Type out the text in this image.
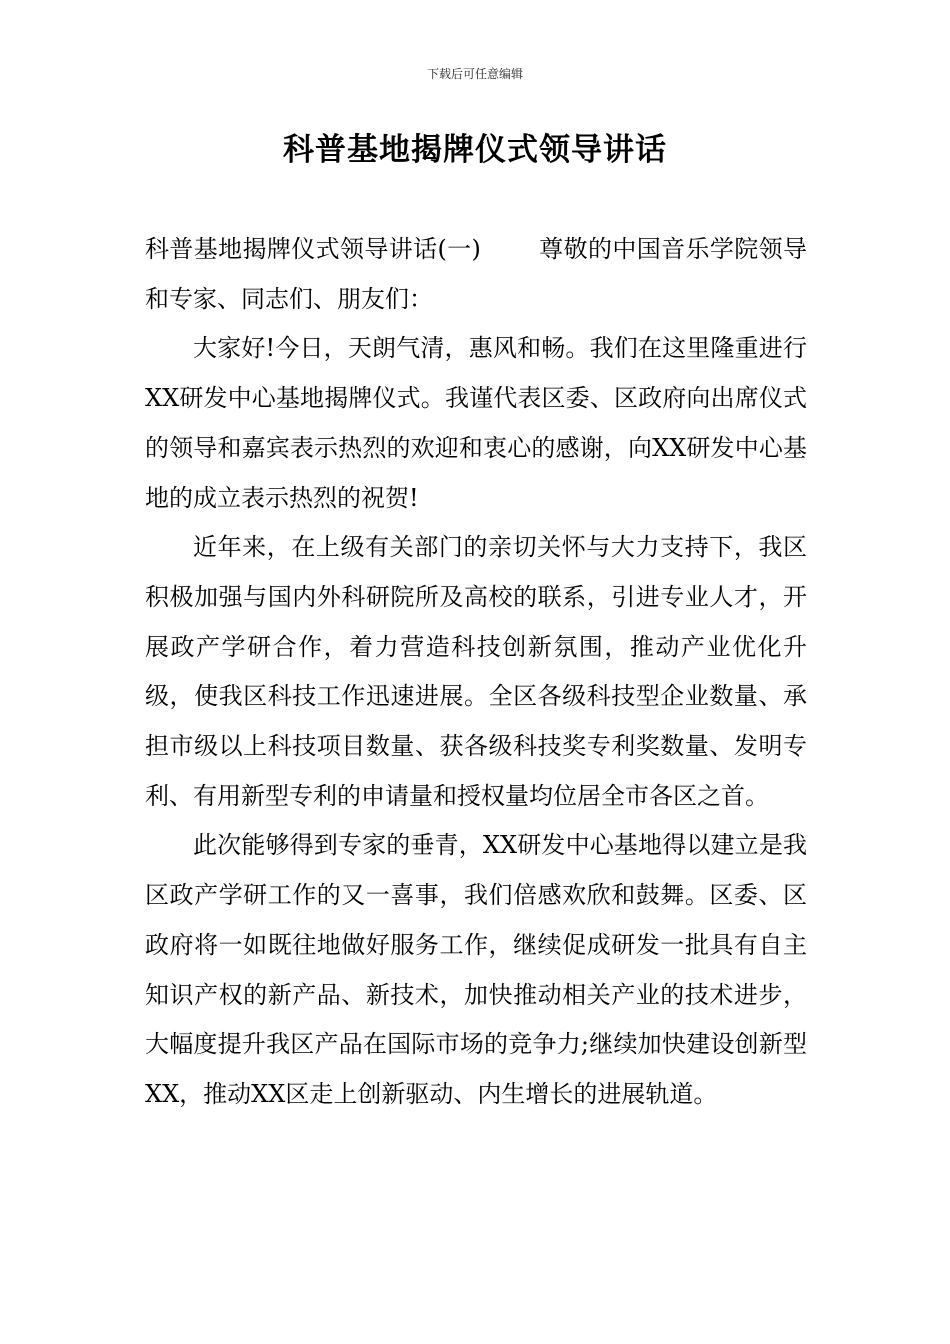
下载后可任意编辑
科普基地揭牌仪式领导讲话

科普基地揭牌仪式领导讲话(一) 尊敬的中国音乐学院领导和专家、同志们、朋友们：

大家好!今日，天朗气清，惠风和畅。我们在这里隆重进行XX研发中心基地揭牌仪式。我谨代表区委、区政府向出席仪式的领导和嘉宾表示热烈的欢迎和衷心的感谢，向XX研发中心基地的成立表示热烈的祝贺!

近年来，在上级有关部门的亲切关怀与大力支持下，我区积极加强与国内外科研院所及高校的联系，引进专业人才，开展政产学研合作，着力营造科技创新氛围，推动产业优化升级，使我区科技工作迅速进展。全区各级科技型企业数量、承担市级以上科技项目数量、获各级科技奖专利奖数量、发明专利、有用新型专利的申请量和授权量均位居全市各区之首。

此次能够得到专家的垂青，XX研发中心基地得以建立是我区政产学研工作的又一喜事，我们倍感欢欣和鼓舞。区委、区政府将一如既往地做好服务工作，继续促成研发一批具有自主知识产权的新产品、新技术，加快推动相关产业的技术进步，大幅度提升我区产品在国际市场的竞争力;继续加快建设创新型XX，推动XX区走上创新驱动、内生增长的进展轨道。
